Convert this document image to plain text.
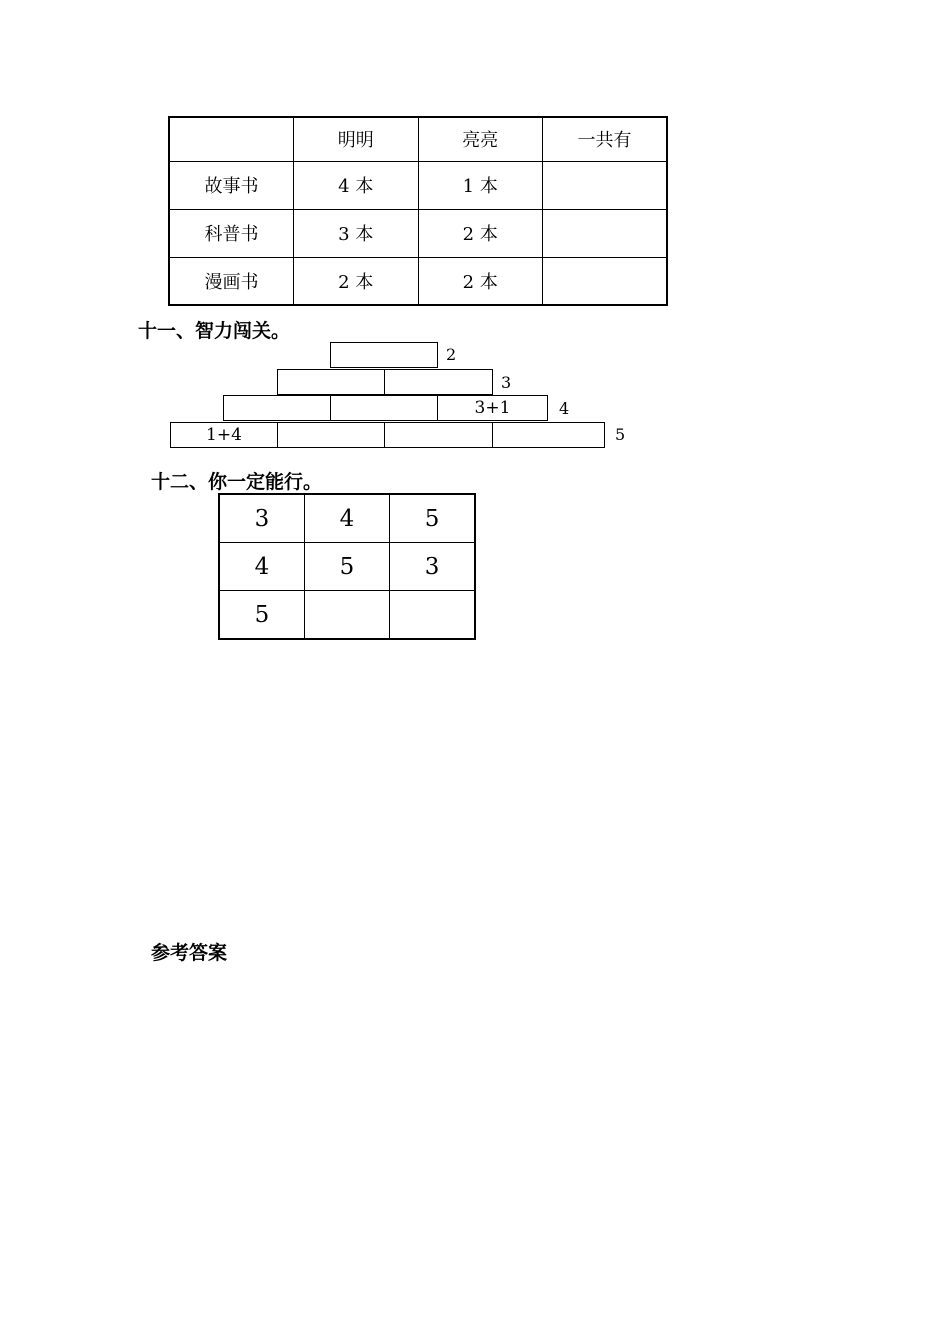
	明明	亮亮	一共有
故事书	4 本	1 本	
科普书	3 本	2 本	
漫画书	2 本	2 本	
十一、智力闯关。
2
3
3+1	4
1+4	5
十二、你一定能行。
3	4	5
4	5	3
5		
参考答案
